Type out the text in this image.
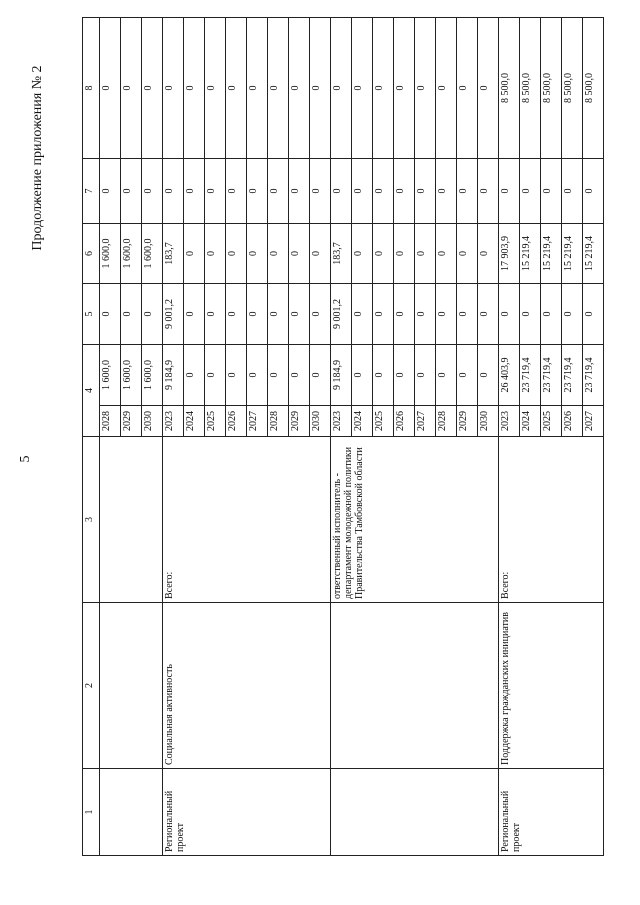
5
Продолжение приложения № 2
1	2	3	4		5	6	7	8
			2028	1 600,0	0	1 600,0	0	0
			2029	1 600,0	0	1 600,0	0	0
			2030	1 600,0	0	1 600,0	0	0
Региональный проект	Социальная активность	Всего:	2023	9 184,9	9 001,2	183,7	0	0
			2024	0	0	0	0	0
			2025	0	0	0	0	0
			2026	0	0	0	0	0
			2027	0	0	0	0	0
			2028	0	0	0	0	0
			2029	0	0	0	0	0
			2030	0	0	0	0	0
		ответственный исполнитель - департамент молодежной политики Правительства Тамбовской области	2023	9 184,9	9 001,2	183,7	0	0
			2024	0	0	0	0	0
			2025	0	0	0	0	0
			2026	0	0	0	0	0
			2027	0	0	0	0	0
			2028	0	0	0	0	0
			2029	0	0	0	0	0
			2030	0	0	0	0	0
Региональный проект	Поддержка гражданских инициатив	Всего:	2023	26 403,9	0	17 903,9	0	8 500,0
			2024	23 719,4	0	15 219,4	0	8 500,0
			2025	23 719,4	0	15 219,4	0	8 500,0
			2026	23 719,4	0	15 219,4	0	8 500,0
			2027	23 719,4	0	15 219,4	0	8 500,0
